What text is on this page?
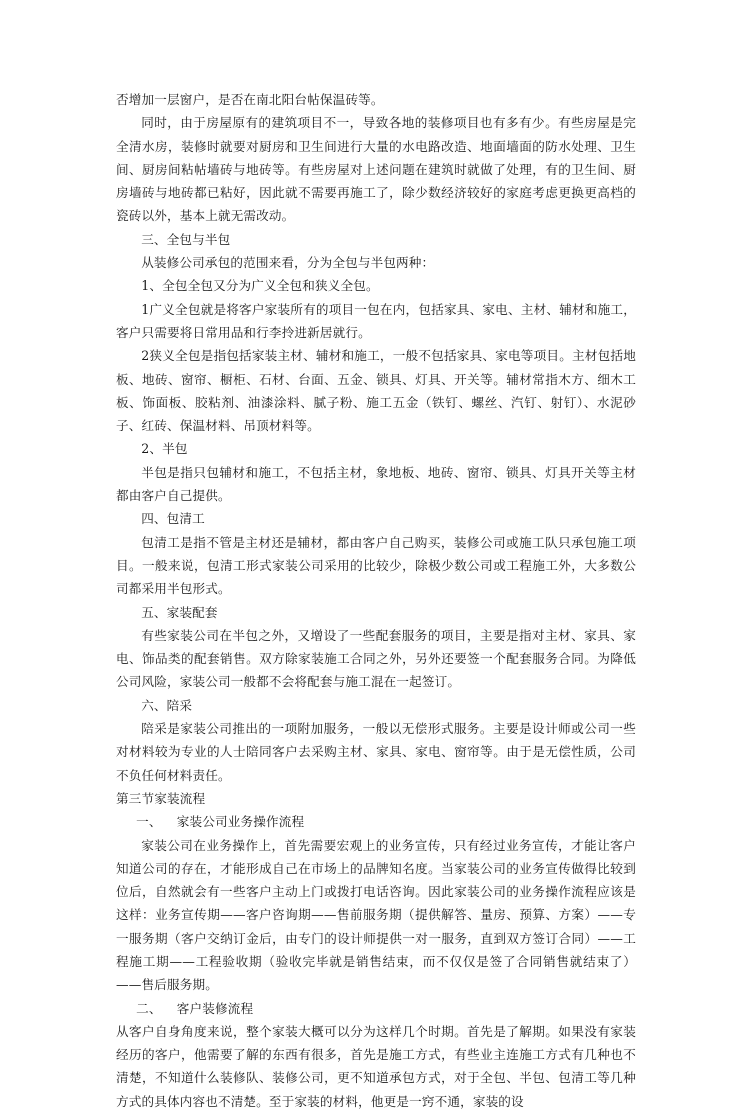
否增加一层窗户，是否在南北阳台帖保温砖等。

同时，由于房屋原有的建筑项目不一，导致各地的装修项目也有多有少。有些房屋是完全清水房，装修时就要对厨房和卫生间进行大量的水电路改造、地面墙面的防水处理、卫生间、厨房间粘帖墙砖与地砖等。有些房屋对上述问题在建筑时就做了处理，有的卫生间、厨房墙砖与地砖都已粘好，因此就不需要再施工了，除少数经济较好的家庭考虑更换更高档的瓷砖以外，基本上就无需改动。

三、全包与半包

从装修公司承包的范围来看，分为全包与半包两种：

1、全包全包又分为广义全包和狭义全包。

1广义全包就是将客户家装所有的项目一包在内，包括家具、家电、主材、辅材和施工，客户只需要将日常用品和行李拎进新居就行。

2狭义全包是指包括家装主材、辅材和施工，一般不包括家具、家电等项目。主材包括地板、地砖、窗帘、橱柜、石材、台面、五金、锁具、灯具、开关等。辅材常指木方、细木工板、饰面板、胶粘剂、油漆涂料、腻子粉、施工五金（铁钉、螺丝、汽钉、射钉）、水泥砂子、红砖、保温材料、吊顶材料等。

2、半包

半包是指只包辅材和施工，不包括主材，象地板、地砖、窗帘、锁具、灯具开关等主材都由客户自己提供。

四、包清工

包清工是指不管是主材还是辅材，都由客户自己购买，装修公司或施工队只承包施工项目。一般来说，包清工形式家装公司采用的比较少，除极少数公司或工程施工外，大多数公司都采用半包形式。

五、家装配套

有些家装公司在半包之外，又增设了一些配套服务的项目，主要是指对主材、家具、家电、饰品类的配套销售。双方除家装施工合同之外，另外还要签一个配套服务合同。为降低公司风险，家装公司一般都不会将配套与施工混在一起签订。

六、陪采

陪采是家装公司推出的一项附加服务，一般以无偿形式服务。主要是设计师或公司一些对材料较为专业的人士陪同客户去采购主材、家具、家电、窗帘等。由于是无偿性质，公司不负任何材料责任。

第三节家装流程

一、 家装公司业务操作流程

家装公司在业务操作上，首先需要宏观上的业务宣传，只有经过业务宣传，才能让客户知道公司的存在，才能形成自己在市场上的品牌知名度。当家装公司的业务宣传做得比较到位后，自然就会有一些客户主动上门或拨打电话咨询。因此家装公司的业务操作流程应该是这样：业务宣传期——客户咨询期——售前服务期（提供解答、量房、预算、方案）——专一服务期（客户交纳订金后，由专门的设计师提供一对一服务，直到双方签订合同）——工程施工期——工程验收期（验收完毕就是销售结束，而不仅仅是签了合同销售就结束了）——售后服务期。

二、 客户装修流程

从客户自身角度来说，整个家装大概可以分为这样几个时期。首先是了解期。如果没有家装经历的客户，他需要了解的东西有很多，首先是施工方式，有些业主连施工方式有几种也不清楚，不知道什么装修队、装修公司，更不知道承包方式，对于全包、半包、包清工等几种方式的具体内容也不清楚。至于家装的材料，他更是一窍不通，家装的设
